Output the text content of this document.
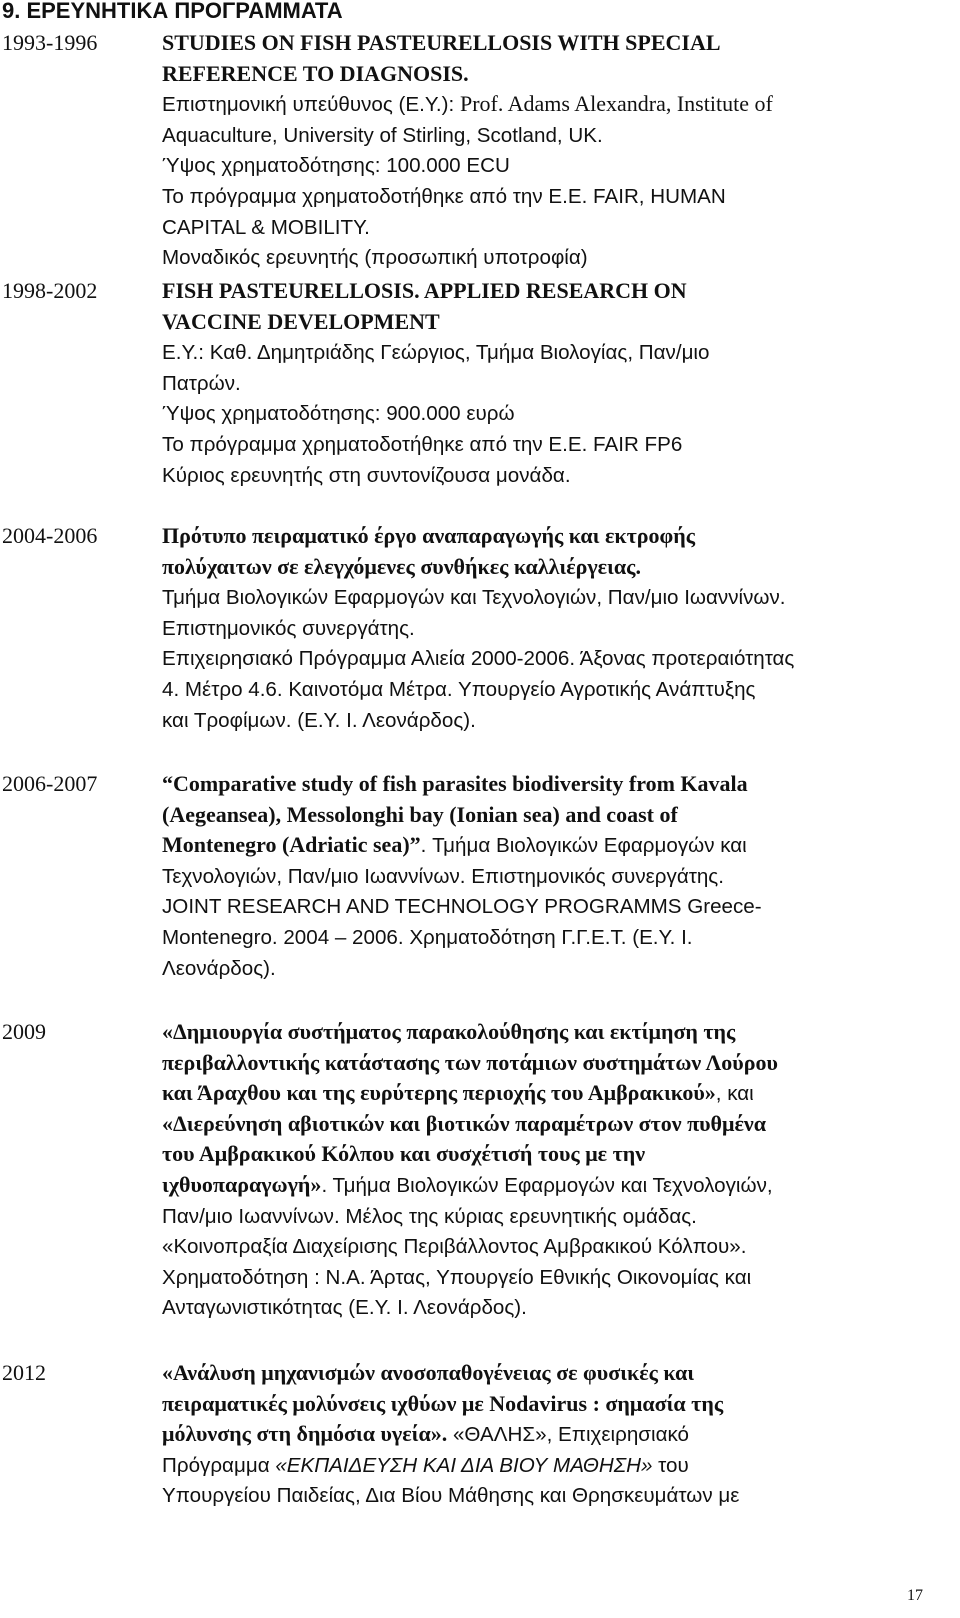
9. ΕΡΕΥΝΗΤΙΚΑ ΠΡΟΓΡΑΜΜΑΤΑ
1993-1996	STUDIES ON FISH PASTEURELLOSIS WITH SPECIAL
REFERENCE TO DIAGNOSIS.
Επιστημονική υπεύθυνος (Ε.Υ.): Prof. Adams Alexandra, Institute of
Aquaculture, University of Stirling, Scotland, UK.
Ύψος χρηματοδότησης: 100.000 ECU
Το πρόγραμμα χρηματοδοτήθηκε από την Ε.Ε. FAIR, HUMAN
CAPITAL & MOBILITY.
Μοναδικός ερευνητής (προσωπική υποτροφία)
1998-2002	FISH PASTEURELLOSIS. APPLIED RESEARCH ON
VACCINE DEVELOPMENT
Ε.Υ.: Καθ. Δημητριάδης Γεώργιος, Τμήμα Βιολογίας, Παν/μιο
Πατρών.
Ύψος χρηματοδότησης: 900.000 ευρώ
Το πρόγραμμα χρηματοδοτήθηκε από την Ε.Ε. FAIR FP6
Κύριος ερευνητής στη συντονίζουσα μονάδα.
2004-2006	Πρότυπο πειραματικό έργο αναπαραγωγής και εκτροφής
πολύχαιτων σε ελεγχόμενες συνθήκες καλλιέργειας.
Τμήμα Βιολογικών Εφαρμογών και Τεχνολογιών, Παν/μιο Ιωαννίνων.
Επιστημονικός συνεργάτης.
Επιχειρησιακό Πρόγραμμα Αλιεία 2000-2006. Άξονας προτεραιότητας
4. Μέτρο 4.6. Καινοτόμα Μέτρα. Υπουργείο Αγροτικής Ανάπτυξης
και Τροφίμων. (Ε.Υ. Ι. Λεονάρδος).
2006-2007	“Comparative study of fish parasites biodiversity from Kavala
(Aegeansea), Messolonghi bay (Ionian sea) and coast of
Montenegro (Adriatic sea)”. Τμήμα Βιολογικών Εφαρμογών και
Τεχνολογιών, Παν/μιο Ιωαννίνων. Επιστημονικός συνεργάτης.
JOINT RESEARCH AND TECHNOLOGY PROGRAMMS Greece-
Montenegro. 2004 – 2006. Χρηματοδότηση Γ.Γ.Ε.Τ. (Ε.Υ. Ι.
Λεονάρδος).
2009	«Δημιουργία συστήματος παρακολούθησης και εκτίμηση της
περιβαλλοντικής κατάστασης των ποτάμιων συστημάτων Λούρου
και Άραχθου και της ευρύτερης περιοχής του Αμβρακικού», και
«Διερεύνηση αβιοτικών και βιοτικών παραμέτρων στον πυθμένα
του Αμβρακικού Κόλπου και συσχέτισή τους με την
ιχθυοπαραγωγή». Τμήμα Βιολογικών Εφαρμογών και Τεχνολογιών,
Παν/μιο Ιωαννίνων. Μέλος της κύριας ερευνητικής ομάδας.
«Κοινοπραξία Διαχείρισης Περιβάλλοντος Αμβρακικού Κόλπου».
Χρηματοδότηση : Ν.Α. Άρτας, Υπουργείο Εθνικής Οικονομίας και
Ανταγωνιστικότητας (Ε.Υ. Ι. Λεονάρδος).
2012	«Ανάλυση μηχανισμών ανοσοπαθογένειας σε φυσικές και
πειραματικές μολύνσεις ιχθύων με Nodavirus : σημασία της
μόλυνσης στη δημόσια υγεία». «ΘΑΛΗΣ», Επιχειρησιακό
Πρόγραμμα «ΕΚΠΑΙΔΕΥΣΗ ΚΑΙ ΔΙΑ ΒΙΟΥ ΜΑΘΗΣΗ» του
Υπουργείου Παιδείας, Δια Βίου Μάθησης και Θρησκευμάτων με
17
